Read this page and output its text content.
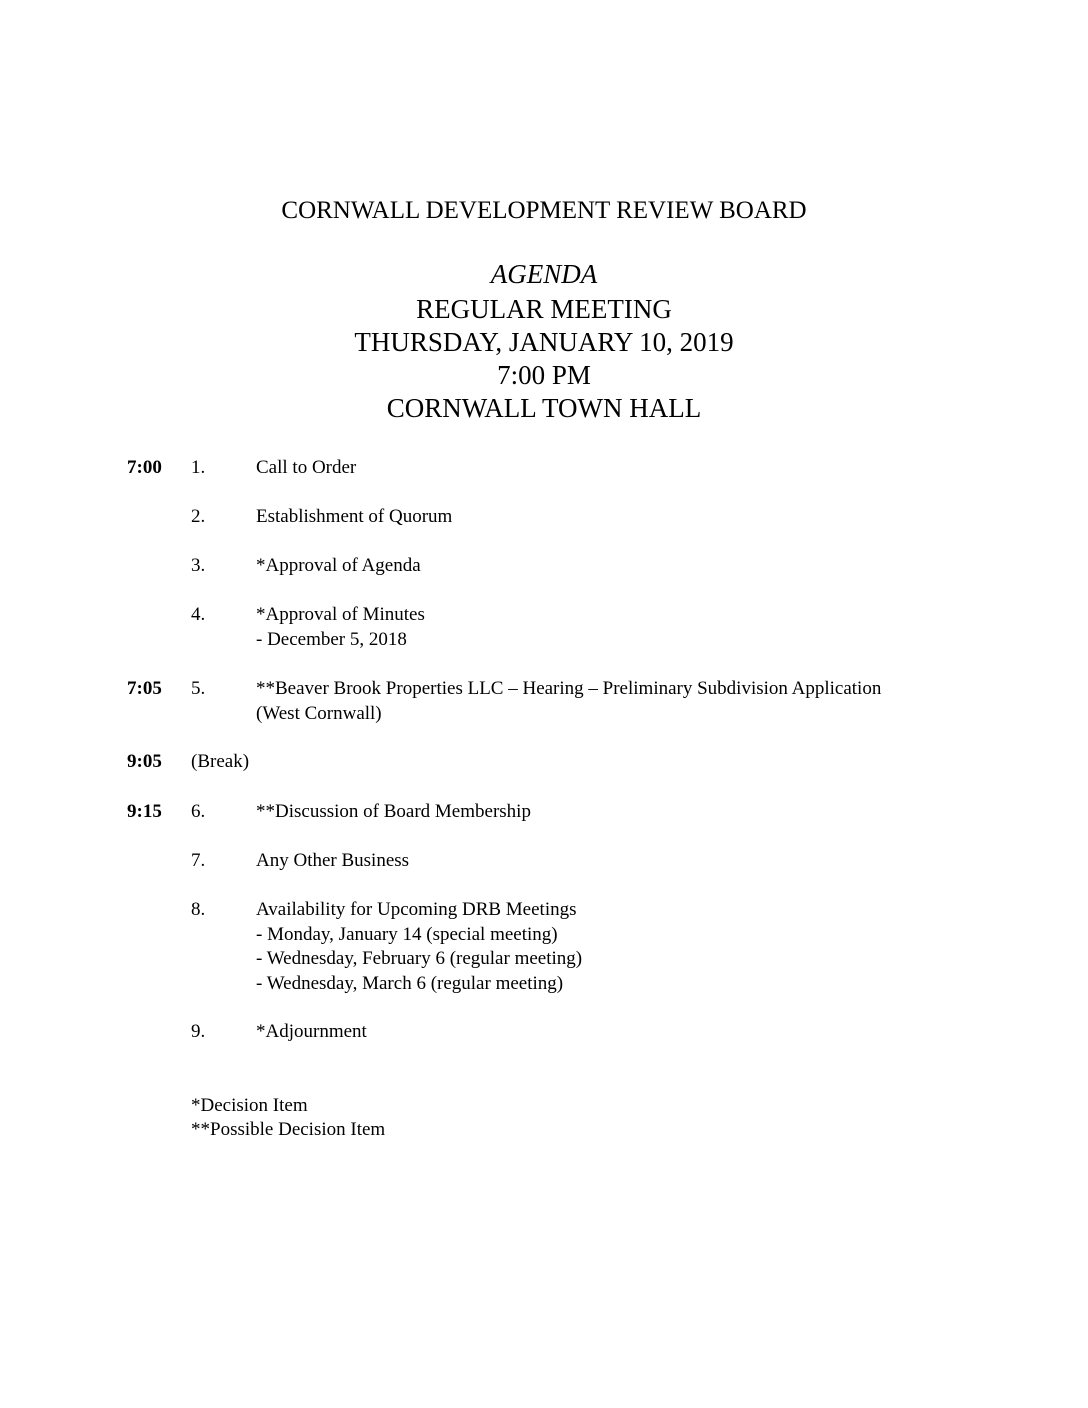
CORNWALL DEVELOPMENT REVIEW BOARD
AGENDA
REGULAR MEETING
THURSDAY, JANUARY 10, 2019
7:00 PM
CORNWALL TOWN HALL
7:00 1.	Call to Order
2.	Establishment of Quorum
3.	*Approval of Agenda
4.	*Approval of Minutes
- December 5, 2018
7:05 5.	**Beaver Brook Properties LLC – Hearing – Preliminary Subdivision Application
(West Cornwall)
9:05 (Break)
9:15 6.	**Discussion of Board Membership
7.	Any Other Business
8.	Availability for Upcoming DRB Meetings
- Monday, January 14 (special meeting)
- Wednesday, February 6 (regular meeting)
- Wednesday, March 6 (regular meeting)
9.	*Adjournment
*Decision Item
**Possible Decision Item
